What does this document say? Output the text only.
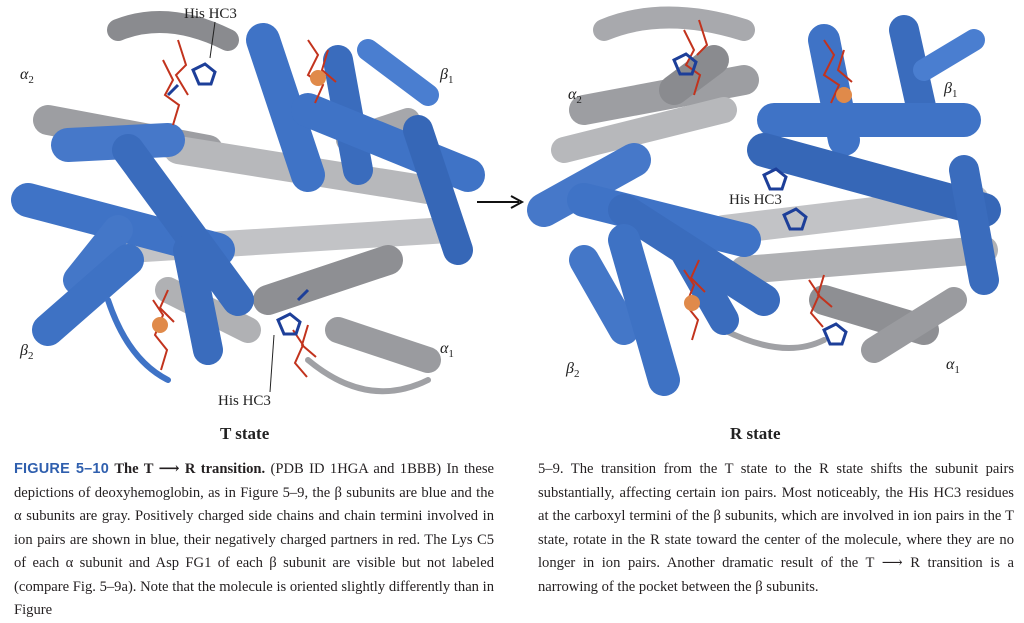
His HC3
$\alpha_2$	$\beta_1$
$\beta_2$	$\alpha_1$
His HC3
T state
$\alpha_2$
$\beta_1$
His HC3
$\beta_2$
$\alpha_1$
R state
FIGURE 5–10 The T ⟶ R transition. (PDB ID 1HGA and 1BBB) In these depictions of deoxyhemoglobin, as in Figure 5–9, the β subunits are blue and the α subunits are gray. Positively charged side chains and chain termini involved in ion pairs are shown in blue, their negatively charged partners in red. The Lys C5 of each α subunit and Asp FG1 of each β subunit are visible but not labeled (compare Fig. 5–9a). Note that the molecule is oriented slightly differently than in Figure
5–9. The transition from the T state to the R state shifts the subunit pairs substantially, affecting certain ion pairs. Most noticeably, the His HC3 residues at the carboxyl termini of the β subunits, which are involved in ion pairs in the T state, rotate in the R state toward the center of the molecule, where they are no longer in ion pairs. Another dramatic result of the T ⟶ R transition is a narrowing of the pocket between the β subunits.
